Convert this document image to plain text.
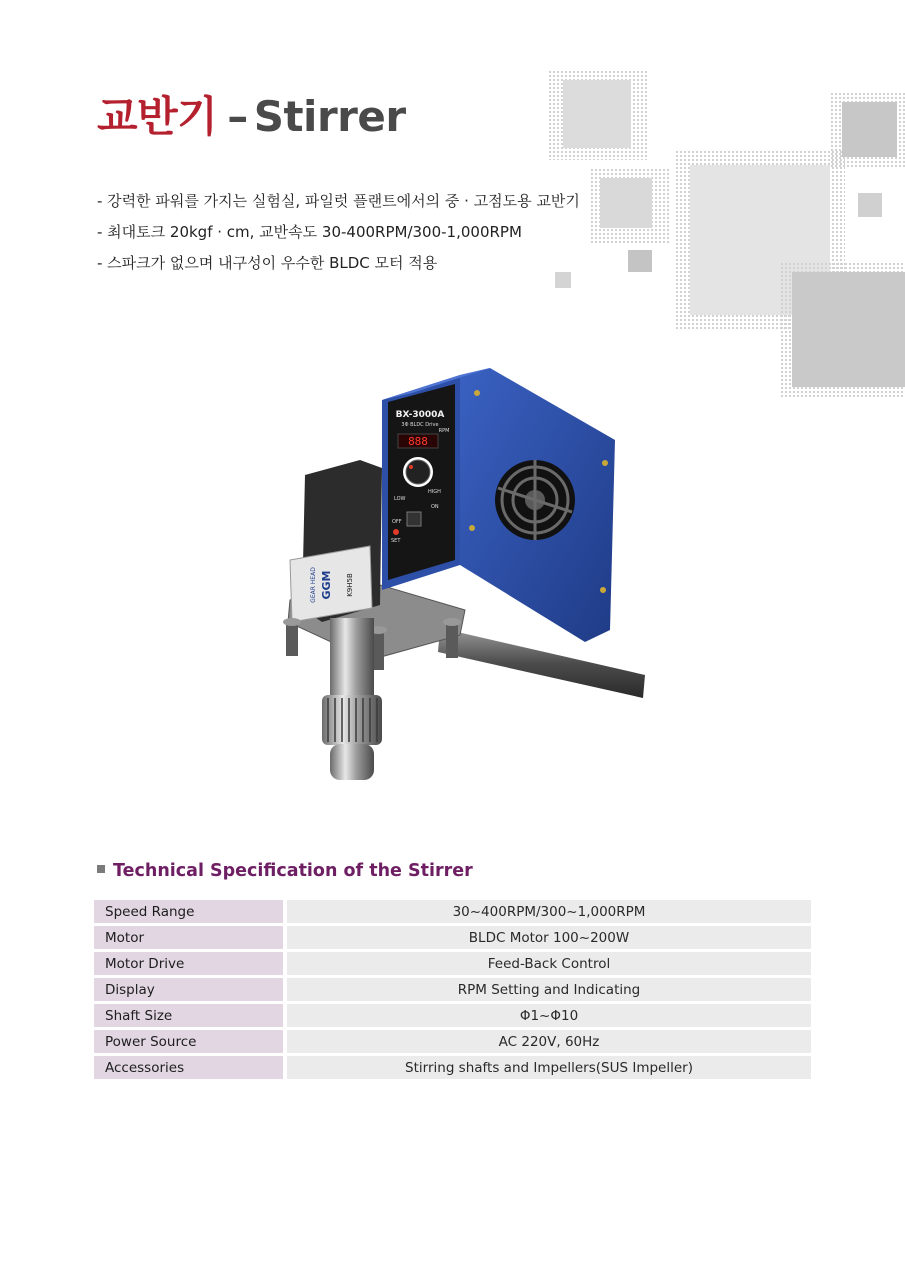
교반기 – Stirrer
- 강력한 파워를 가지는 실험실, 파일럿 플랜트에서의 중 · 고점도용 교반기
- 최대토크 20kgf · cm, 교반속도 30-400RPM/300-1,000RPM
- 스파크가 없으며 내구성이 우수한 BLDC 모터 적용
GGM
GEAR HEAD	K9H5B
BX-3000A
3Φ BLDC Drive
RPM
888
LOW
HIGH
OFF
ON
SET
Technical Specification of the Stirrer
Speed Range		30~400RPM/300~1,000RPM
Motor		BLDC Motor 100~200W
Motor Drive		Feed-Back Control
Display		RPM Setting and Indicating
Shaft Size		Φ1~Φ10
Power Source		AC 220V, 60Hz
Accessories		Stirring shafts and Impellers(SUS Impeller)
